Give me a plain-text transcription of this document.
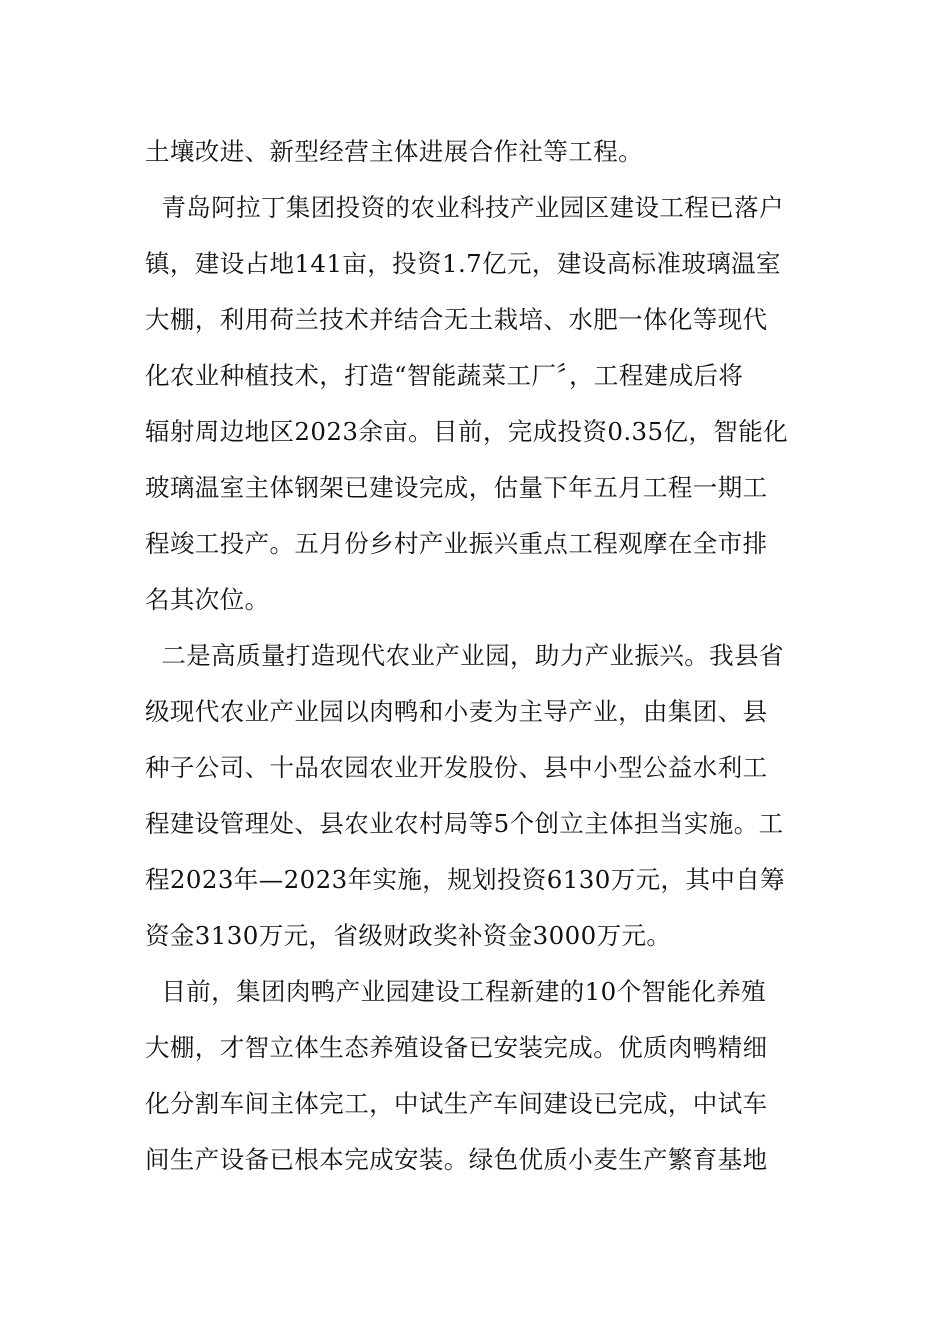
土壤改进、新型经营主体进展合作社等工程。
青岛阿拉丁集团投资的农业科技产业园区建设工程已落户
镇，建设占地141亩，投资1.7亿元，建设高标准玻璃温室
大棚，利用荷兰技术并结合无土栽培、水肥一体化等现代
化农业种植技术，打造“智能蔬菜工厂〞，工程建成后将
辐射周边地区2023余亩。目前，完成投资0.35亿，智能化
玻璃温室主体钢架已建设完成，估量下年五月工程一期工
程竣工投产。五月份乡村产业振兴重点工程观摩在全市排
名其次位。
二是高质量打造现代农业产业园，助力产业振兴。我县省
级现代农业产业园以肉鸭和小麦为主导产业，由集团、县
种子公司、十品农园农业开发股份、县中小型公益水利工
程建设管理处、县农业农村局等5个创立主体担当实施。工
程2023年—2023年实施，规划投资6130万元，其中自筹
资金3130万元，省级财政奖补资金3000万元。
目前，集团肉鸭产业园建设工程新建的10个智能化养殖
大棚，才智立体生态养殖设备已安装完成。优质肉鸭精细
化分割车间主体完工，中试生产车间建设已完成，中试车
间生产设备已根本完成安装。绿色优质小麦生产繁育基地
